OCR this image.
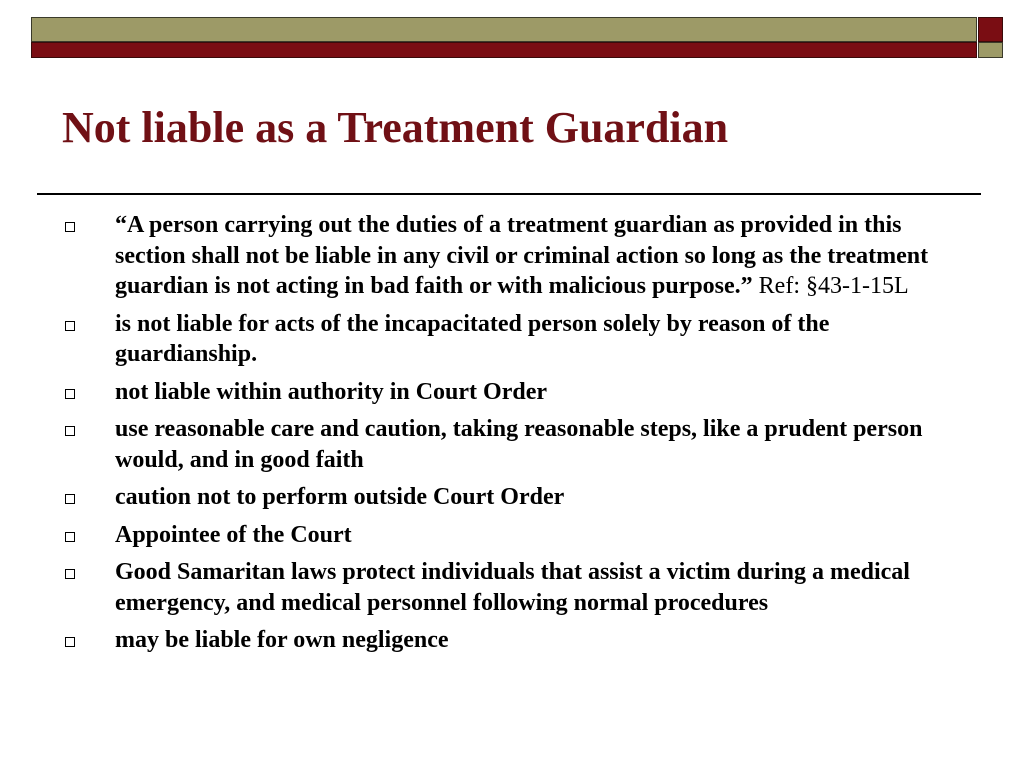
Not liable as a Treatment Guardian
“A person carrying out the duties of a treatment guardian as provided in this section shall not be liable in any civil or criminal action so long as the treatment guardian is not acting in bad faith or with malicious purpose.” Ref: §43-1-15L
is not liable for acts of the incapacitated person solely by reason of the guardianship.
not liable within authority in Court Order
use reasonable care and caution, taking reasonable steps, like a prudent person would, and in good faith
caution not to perform outside Court Order
Appointee of the Court
Good Samaritan laws protect individuals that assist a victim during a medical emergency, and medical personnel following normal procedures
may be liable for own negligence
